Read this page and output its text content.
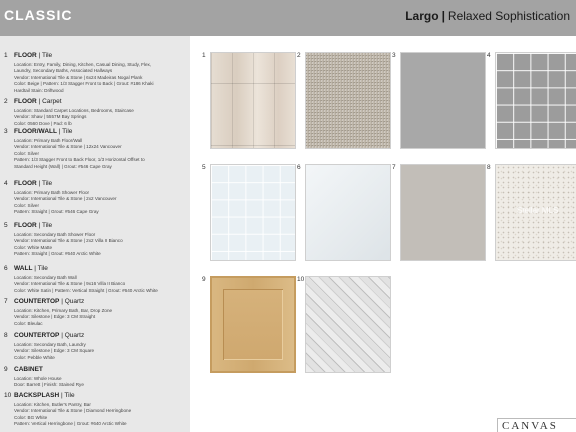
CLASSIC	Largo | Relaxed Sophistication
1 FLOOR | Tile
Location: Entry, Family, Dining, Kitchen, Casual Dining, Study, Flex,
Laundry, Secondary Baths, Associated Hallways
Vendor: International Tile & Stone | 6x24 Madeiras Nogal Plank
Color: Beige | Pattern: 1/3 Stagger Front to Back | Grout: #186 Khaki
Hardtail Stain: Driftwood
2 FLOOR | Carpet
Location: Standard Carpet Locations, Bedrooms, Staircase
Vendor: Shaw | 5557M Bay Springs
Color: 0560 Dove | Pad: 6 lb
3 FLOOR/WALL | Tile
Location: Primary Bath Floor/Wall
Vendor: International Tile & Stone | 12x24 Vancouver
Color: Silver
Pattern: 1/3 Stagger Front to Back Floor, 1/3 Horizontal Offset to
Standard Height (Wall) | Grout: #546 Cape Gray
4 FLOOR | Tile
Location: Primary Bath Shower Floor
Vendor: International Tile & Stone | 2x2 Vancouver
Color: Silver
Pattern: Straight | Grout: #546 Cape Gray
5 FLOOR | Tile
Location: Secondary Bath Shower Floor
Vendor: International Tile & Stone | 2x2 Villa II Bianco
Color: White Matte
Pattern: Straight | Grout: #640 Arctic White
6 WALL | Tile
Location: Secondary Bath Wall
Vendor: International Tile & Stone | 9x16 Villa II Bianco
Color: White Satin | Pattern: Vertical Straight | Grout: #640 Arctic White
7 COUNTERTOP | Quartz
Location: Kitchen, Primary Bath, Bar, Drop Zone
Vendor: Silestone | Edge: 3 CM Straight
Color: Bleulac
8 COUNTERTOP | Quartz
Location: Secondary Bath, Laundry
Vendor: Silestone | Edge: 3 CM Square
Color: Pebble White
9 CABINET
Location: Whole House
Door: Barrett | Finish: Stained Rye
10 BACKSPLASH | Tile
Location: Kitchen, Butler's Pantry, Bar
Vendor: International Tile & Stone | Diamond Herringbone
Color: BG White
Pattern: Vertical Herringbone | Grout: #640 Arctic White
1	2	3	4
5	6	7	8
9	10
Stellar MLS
CANVAS
